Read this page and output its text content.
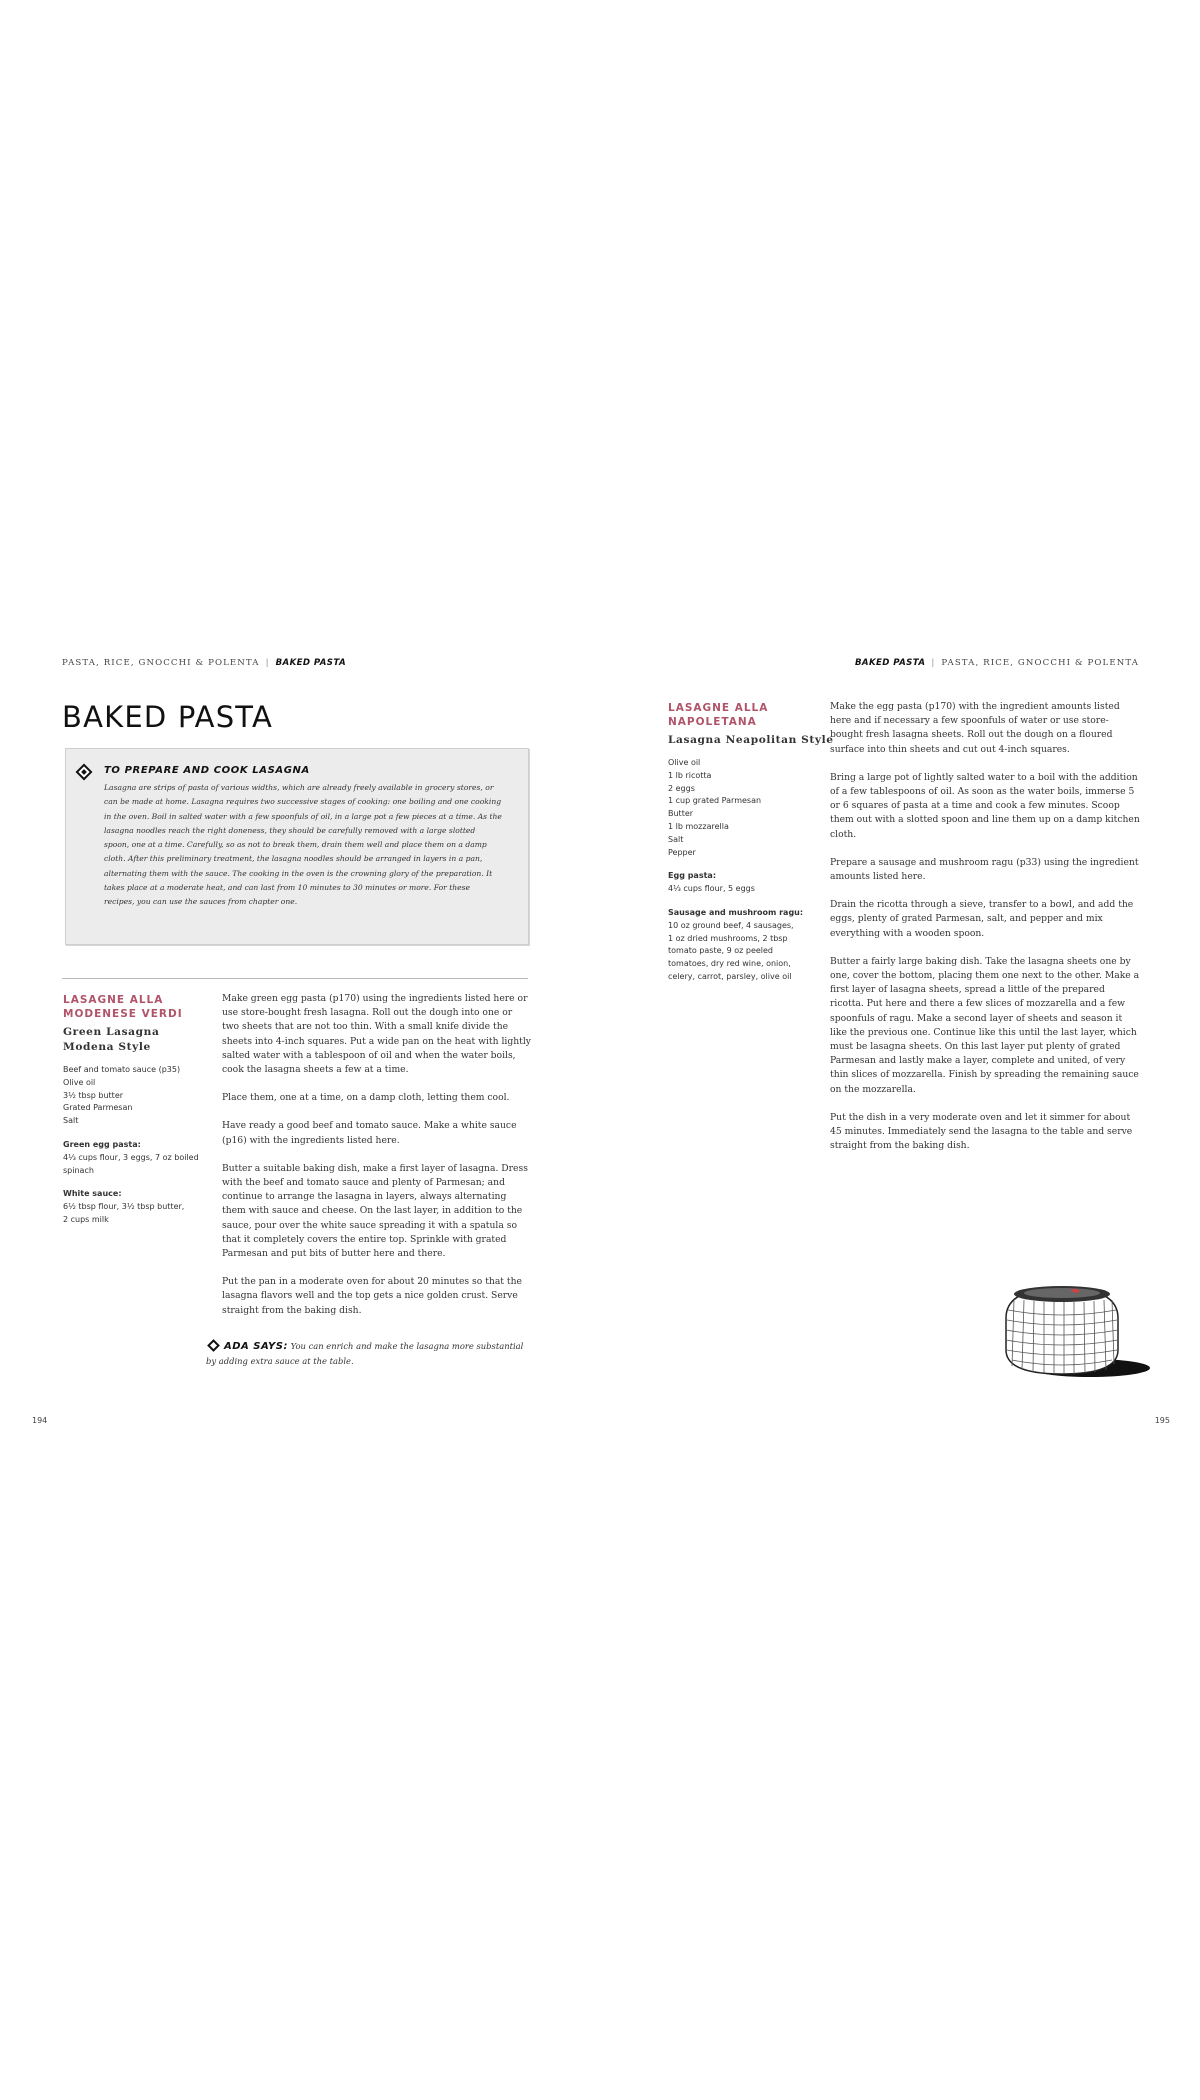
PASTA, RICE, GNOCCHI & POLENTA | BAKED PASTA	BAKED PASTA | PASTA, RICE, GNOCCHI & POLENTA
BAKED PASTA
TO PREPARE AND COOK LASAGNA

Lasagna are strips of pasta of various widths, which are already freely available in grocery stores, or can be made at home. Lasagna requires two successive stages of cooking: one boiling and one cooking in the oven. Boil in salted water with a few spoonfuls of oil, in a large pot a few pieces at a time. As the lasagna noodles reach the right doneness, they should be carefully removed with a large slotted spoon, one at a time. Carefully, so as not to break them, drain them well and place them on a damp cloth. After this preliminary treatment, the lasagna noodles should be arranged in layers in a pan, alternating them with the sauce. The cooking in the oven is the crowning glory of the preparation. It takes place at a moderate heat, and can last from 10 minutes to 30 minutes or more. For these recipes, you can use the sauces from chapter one.

LASAGNE ALLA
MODENESE VERDI
Green Lasagna
Modena Style
Beef and tomato sauce (p35)
Olive oil
3½ tbsp butter
Grated Parmesan
Salt
Green egg pasta:
4⅓ cups flour, 3 eggs, 7 oz boiled
spinach
White sauce:
6½ tbsp flour, 3½ tbsp butter,
2 cups milk

Make green egg pasta (p170) using the ingredients listed here or use store-bought fresh lasagna. Roll out the dough into one or two sheets that are not too thin. With a small knife divide the sheets into 4-inch squares. Put a wide pan on the heat with lightly salted water with a tablespoon of oil and when the water boils, cook the lasagna sheets a few at a time.

Place them, one at a time, on a damp cloth, letting them cool.

Have ready a good beef and tomato sauce. Make a white sauce (p16) with the ingredients listed here.

Butter a suitable baking dish, make a first layer of lasagna. Dress with the beef and tomato sauce and plenty of Parmesan; and continue to arrange the lasagna in layers, always alternating them with sauce and cheese. On the last layer, in addition to the sauce, pour over the white sauce spreading it with a spatula so that it completely covers the entire top. Sprinkle with grated Parmesan and put bits of butter here and there.

Put the pan in a moderate oven for about 20 minutes so that the lasagna flavors well and the top gets a nice golden crust. Serve straight from the baking dish.

ADA SAYS: You can enrich and make the lasagna more substantial by adding extra sauce at the table.
LASAGNE ALLA
NAPOLETANA
Lasagna Neapolitan Style
Olive oil
1 lb ricotta
2 eggs
1 cup grated Parmesan
Butter
1 lb mozzarella
Salt
Pepper
Egg pasta:
4⅓ cups flour, 5 eggs
Sausage and mushroom ragu:
10 oz ground beef, 4 sausages,
1 oz dried mushrooms, 2 tbsp
tomato paste, 9 oz peeled
tomatoes, dry red wine, onion,
celery, carrot, parsley, olive oil

Make the egg pasta (p170) with the ingredient amounts listed here and if necessary a few spoonfuls of water or use store-bought fresh lasagna sheets. Roll out the dough on a floured surface into thin sheets and cut out 4-inch squares.

Bring a large pot of lightly salted water to a boil with the addition of a few tablespoons of oil. As soon as the water boils, immerse 5 or 6 squares of pasta at a time and cook a few minutes. Scoop them out with a slotted spoon and line them up on a damp kitchen cloth.

Prepare a sausage and mushroom ragu (p33) using the ingredient amounts listed here.

Drain the ricotta through a sieve, transfer to a bowl, and add the eggs, plenty of grated Parmesan, salt, and pepper and mix everything with a wooden spoon.

Butter a fairly large baking dish. Take the lasagna sheets one by one, cover the bottom, placing them one next to the other. Make a first layer of lasagna sheets, spread a little of the prepared ricotta. Put here and there a few slices of mozzarella and a few spoonfuls of ragu. Make a second layer of sheets and season it like the previous one. Continue like this until the last layer, which must be lasagna sheets. On this last layer put plenty of grated Parmesan and lastly make a layer, complete and united, of very thin slices of mozzarella. Finish by spreading the remaining sauce on the mozzarella.

Put the dish in a very moderate oven and let it simmer for about 45 minutes. Immediately send the lasagna to the table and serve straight from the baking dish.

194	195
